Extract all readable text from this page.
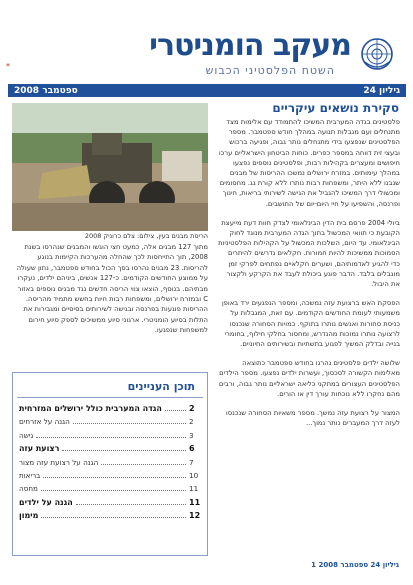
מעקב הומניטרי
השטח הפלסטיני הכבוש
*
ספטמבר 2008	גיליון 24
הריסת מבנים בעין, צילום: צלם כרוניק 2008

מתוך 127 מבנים אלה, כמעט חצי הוגשו והמבנים שנהרסו בשנת 2008, תוך התייחסות לכך שהחלה מהערכות הקיימות בנוגע להריסות. 23 מבנים נהרסו בסך הכול בחודש ספטמבר, נתון שעולה על ממוצע החודשים הקודמים. כ-127 אנשים, ביניהם ילדים, נעקרו מבתיהם. בנוסף, הוצאו צווי הריסה חדשים נגד מבנים נוספים באזור C ובמזרח ירושלים, ומשפחות רבות חיות בחשש מתמיד מהריסה. ההריסות פוגעות בפרנסה ובגישה לשירותים בסיסיים ומגבירות את התלות בסיוע הומניטרי. ארגוני סיוע ממשיכים לספק סיוע חירום למשפחות שנפגעו.

תוכן העניינים
הגדה המערבית כולל ירושלים המזרחית	2
הגנה על אזרחים	2
גישה	3
רצועת עזה	6
הגנה על רצועת עזה מצור	7
בריאות	10
מחסה	11
הגנה על ילדים	11
מימון	12
סקירת נושאים עיקריים

פלסטינים בגדה המערבית המשיכו להתמודד עם אלימות מצד מתנחלים ועם מגבלות תנועה במהלך חודש ספטמבר. מספר הפלסטינים שנפצעו בידי מתנחלים נותר גבוה, ופגיעה ברכוש ובעצי זית דווחה במספר כפרים. כוחות הביטחון הישראליים ערכו חיפושים ומעצרים בקהילות רבות, ופלסטינים נוספים נפצעו במהלך עימותים. במזרח ירושלים נמשכו ההריסות של מבנים שנבנו ללא היתר, ומשפחות רבות נותרו ללא קורת גג. מחסומים ומכשולי דרך המשיכו להגביל את הגישה לשירותי בריאות, חינוך ופרנסה, והשפיעו על חיי היום-יום של התושבים.

ביולי 2004 פרסם בית הדין הבינלאומי לצדק חוות דעת מייעצת הקובעת כי תוואי המכשול בתוך הגדה המערבית מנוגד לחוק הבינלאומי. עד היום, השלכות המכשול על הקהילות הפלסטיניות הסמוכות ממשיכות להיות חמורות. חקלאים נדרשים להיתרים כדי להגיע לאדמותיהם, ושערים חקלאיים נפתחים לפרקי זמן מוגבלים בלבד. הדבר פוגע ביכולת לעבד את הקרקע ולקצור את היבול.

הפסקת האש ברצועת עזה נמשכה, ומספר הנפגעים ירד באופן משמעותי לעומת החודשים הקודמים. עם זאת, המגבלות על כניסת סחורות ואנשים נותרו בתוקף. כמויות הסחורה שנכנסו לרצועה נותרו נמוכות מהנדרש, ומחסור בחלקי חילוף, בחומרי בנייה ובדלק המשיך לפגוע בתשתיות ובשירותים החיוניים.

שלושה ילדים פלסטינים נהרגו בחודש ספטמבר כתוצאה מאלימות הקשורה לסכסוך, ועשרות ילדים נפצעו. מספר הילדים הפלסטינים העצורים במתקני כליאה ישראליים נותר גבוה, ורבים מהם נחקרו ללא נוכחות עורך דין או הורים.

המצור על רצועת עזה נמשך. מספר משאיות הסחורה שנכנסו לעזה דרך המעברים נותר נמוך...

גיליון 24 ספטמבר 2008 1
